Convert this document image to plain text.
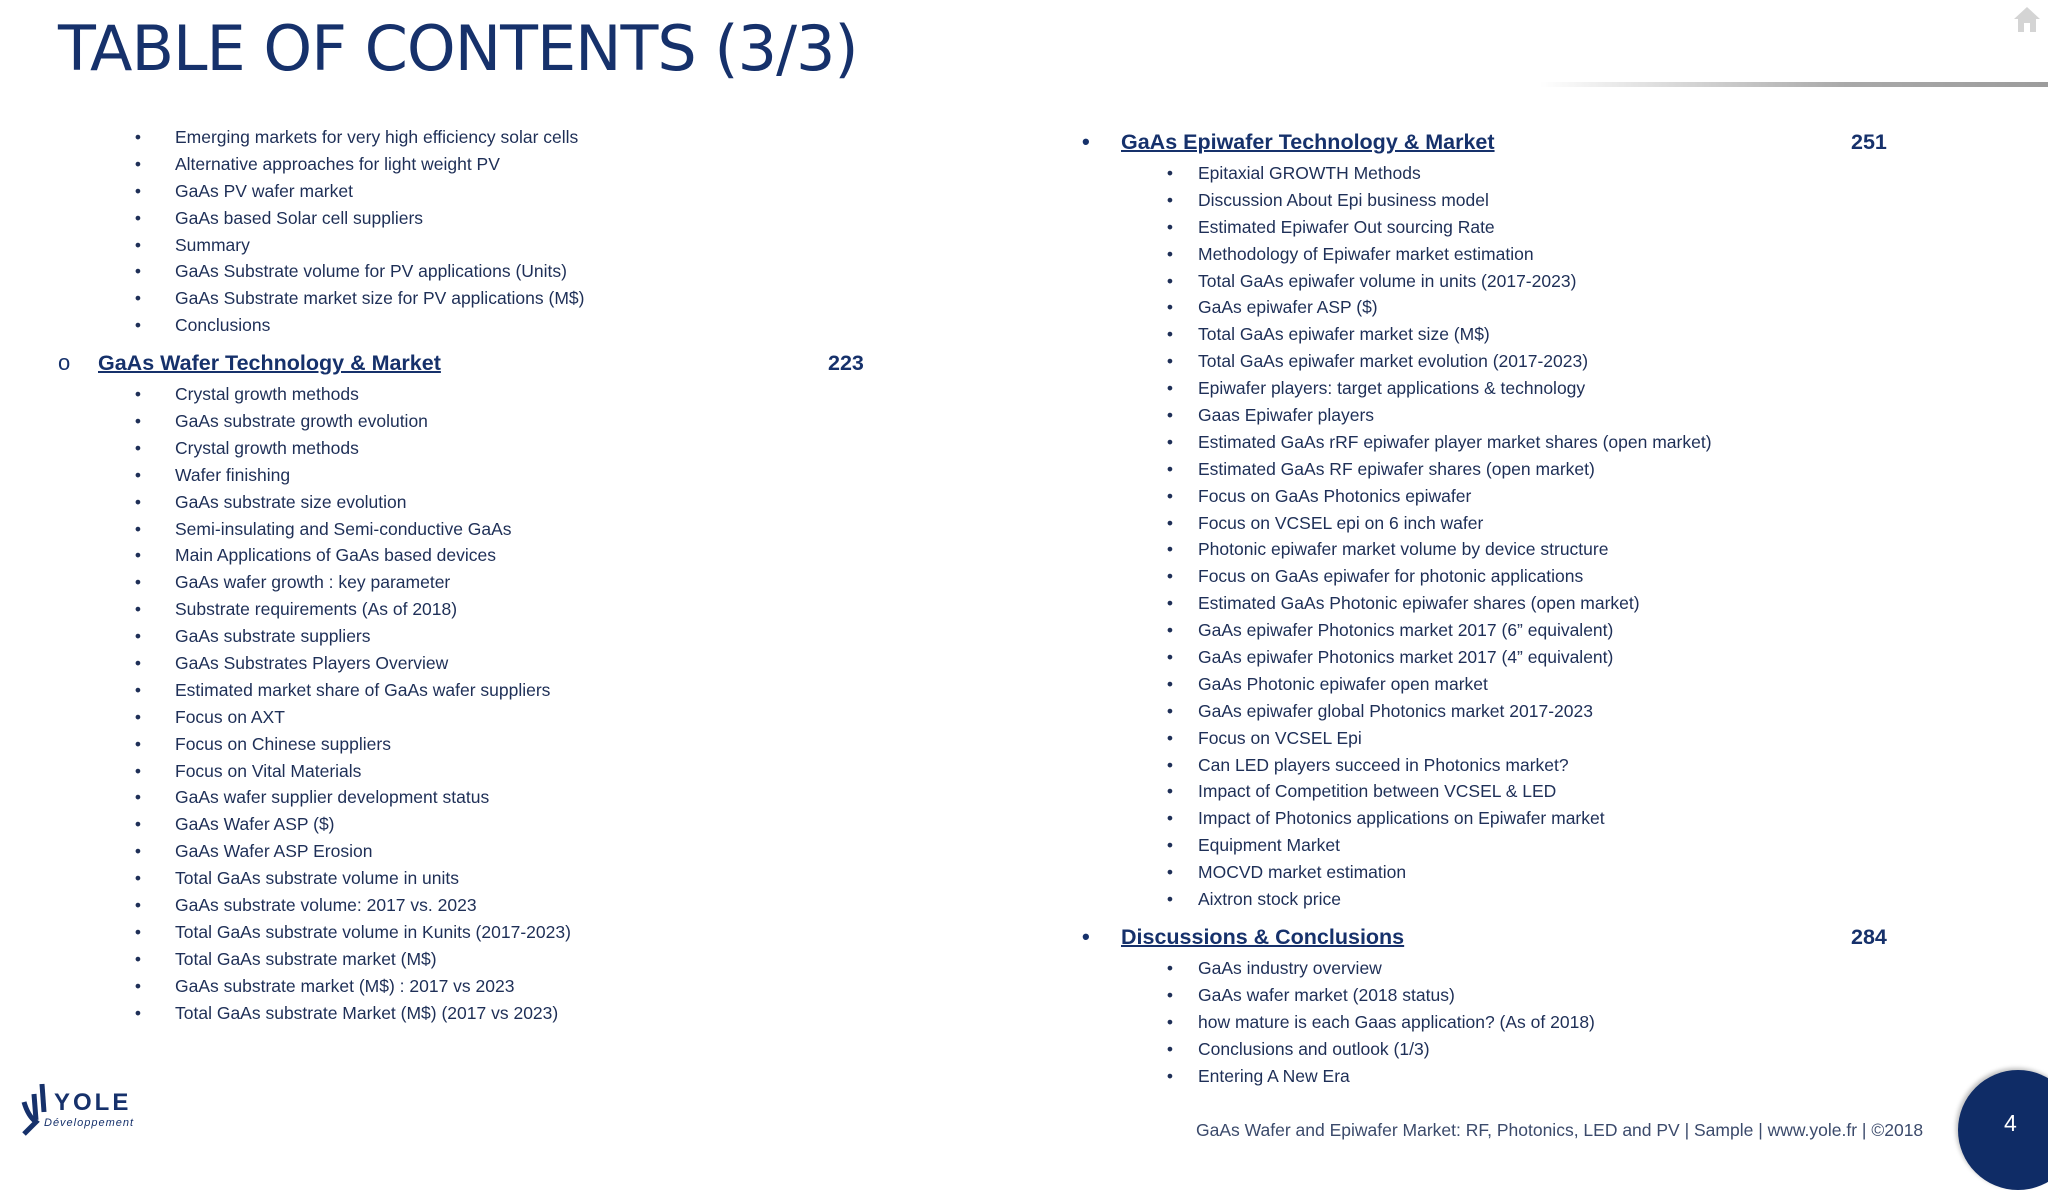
TABLE OF CONTENTS (3/3)
•	Emerging markets for very high efficiency solar cells
•	Alternative approaches for light weight PV
•	GaAs PV wafer market
•	GaAs based Solar cell suppliers
•	Summary
•	GaAs Substrate volume for PV applications (Units)
•	GaAs Substrate market size for PV applications (M$)
•	Conclusions
o GaAs Wafer Technology & Market	223
•	Crystal growth methods
•	GaAs substrate growth evolution
•	Crystal growth methods
•	Wafer finishing
•	GaAs substrate size evolution
•	Semi-insulating and Semi-conductive GaAs
•	Main Applications of GaAs based devices
•	GaAs wafer growth : key parameter
•	Substrate requirements (As of 2018)
•	GaAs substrate suppliers
•	GaAs Substrates Players Overview
•	Estimated market share of GaAs wafer suppliers
•	Focus on AXT
•	Focus on Chinese suppliers
•	Focus on Vital Materials
•	GaAs wafer supplier development status
•	GaAs Wafer ASP ($)
•	GaAs Wafer ASP Erosion
•	Total GaAs substrate volume in units
•	GaAs substrate volume: 2017 vs. 2023
•	Total GaAs substrate volume in Kunits (2017-2023)
•	Total GaAs substrate market (M$)
•	GaAs substrate market (M$) : 2017 vs 2023
•	Total GaAs substrate Market (M$) (2017 vs 2023)
• GaAs Epiwafer Technology & Market	251
•	Epitaxial GROWTH Methods
•	Discussion About Epi business model
•	Estimated Epiwafer Out sourcing Rate
•	Methodology of Epiwafer market estimation
•	Total GaAs epiwafer volume in units (2017-2023)
•	GaAs epiwafer ASP ($)
•	Total GaAs epiwafer market size (M$)
•	Total GaAs epiwafer market evolution (2017-2023)
•	Epiwafer players: target applications & technology
•	Gaas Epiwafer players
•	Estimated GaAs rRF epiwafer player market shares (open market)
•	Estimated GaAs RF epiwafer shares (open market)
•	Focus on GaAs Photonics epiwafer
•	Focus on VCSEL epi on 6 inch wafer
•	Photonic epiwafer market volume by device structure
•	Focus on GaAs epiwafer for photonic applications
•	Estimated GaAs Photonic epiwafer shares (open market)
•	GaAs epiwafer Photonics market 2017 (6” equivalent)
•	GaAs epiwafer Photonics market 2017 (4” equivalent)
•	GaAs Photonic epiwafer open market
•	GaAs epiwafer global Photonics market 2017-2023
•	Focus on VCSEL Epi
•	Can LED players succeed in Photonics market?
•	Impact of Competition between VCSEL & LED
•	Impact of Photonics applications on Epiwafer market
•	Equipment Market
•	MOCVD market estimation
•	Aixtron stock price
• Discussions & Conclusions	284
•	GaAs industry overview
•	GaAs wafer market (2018 status)
•	how mature is each Gaas application? (As of 2018)
•	Conclusions and outlook (1/3)
•	Entering A New Era
YOLE
Développement	GaAs Wafer and Epiwafer Market: RF, Photonics, LED and PV | Sample | www.yole.fr | ©2018	4
